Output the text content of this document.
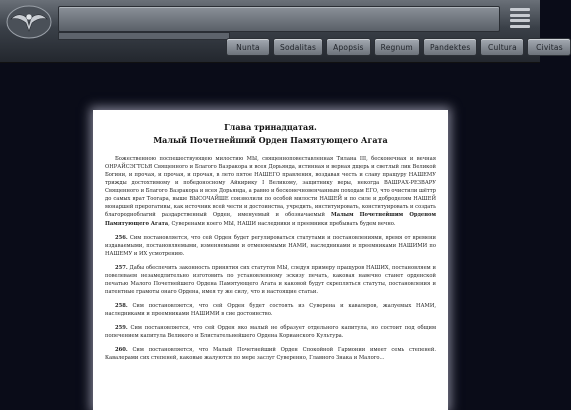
Nunta	Sodalitas	Apopsis	Regnum	Pandektes	Cultura	Civitas
Глава тринадцатая.
Малый Почетнейший Орден Памятующего Агата

Божественною поспешествующею милостию МЫ, священноповеставленная Тилана III, бесконечная и вечная ОНРАЙСЭГТСЬЯ Священного и Благого Вазракора и всея Дорьянда, истинная и верная дщерь и светлый лик Великой Богини, и прочая, и прочая, и прочая, в лето пятое НАШЕГО правления, воздавая честь и славу пращуру НАШЕМУ трижды достохтимому и победоносному Айкирику I Великому, защитнику веры, некогда ВАШРАХ-РЕЗВАРУ Священного и Благого Вазракора и всея Дорьянда, а равно и бесконечновенчанным походам ЕГО, что очистили шёттр до самых врат Тоогара, выше ВЫСОЧАЙШЕ соизволили по особой милости НАШЕЙ и по силе и доброделям НАШЕЙ монаршей прерогативы, как источник всей чести и достоинства, учредить, институировать, конституировать и создать благородноблагий раздарственный Орден, именуемый и обозначаемый Малым Почетнейшим Орденом Памятующего Агата, Суверенами коего МЫ, НАШИ наследники и преемники пребывать будем вечно.

256. Сим постановляется, что сей Орден будет регулироваться статутами и постановлениями, время от времени издаваемыми, постановляемыми, изменяемыми и отменяемыми НАМИ, наследниками и преемниками НАШИМИ по НАШЕМУ и ИХ усмотрению.

257. Дабы обеспечить законность принятия сих статутов МЫ, следуя примеру пращуров НАШИХ, постановляем и повелеваем незамедлительно изготовить по установленному эскизу печать, каковая навечно станет орденской печатью Малого Почетнейшего Ордена Памятующего Агата и каковой будут скрепляться статуты, постановления и патентные грамоты онаго Ордена, имея ту же силу, что и настоящие статьи.

258. Сим постановляется, что сей Орден будет состоять из Суверена и кавалеров, жалуемых НАМИ, наследниками и преемниками НАШИМИ в сие достоинство.

259. Сим постановляется, что сей Орден яко малый не образует отдельного капитула, но состоит под общим попечением капитула Великого и Блистательнейшего Ордена Корианского Культура.

260. Сим постановляется, что Малый Почетнейший Орден Спокойной Гармонии имеет семь степеней. Кавалерами сих степеней, каковые жалуются по мере заслуг Суверенно, Главного Знака и Малого...
